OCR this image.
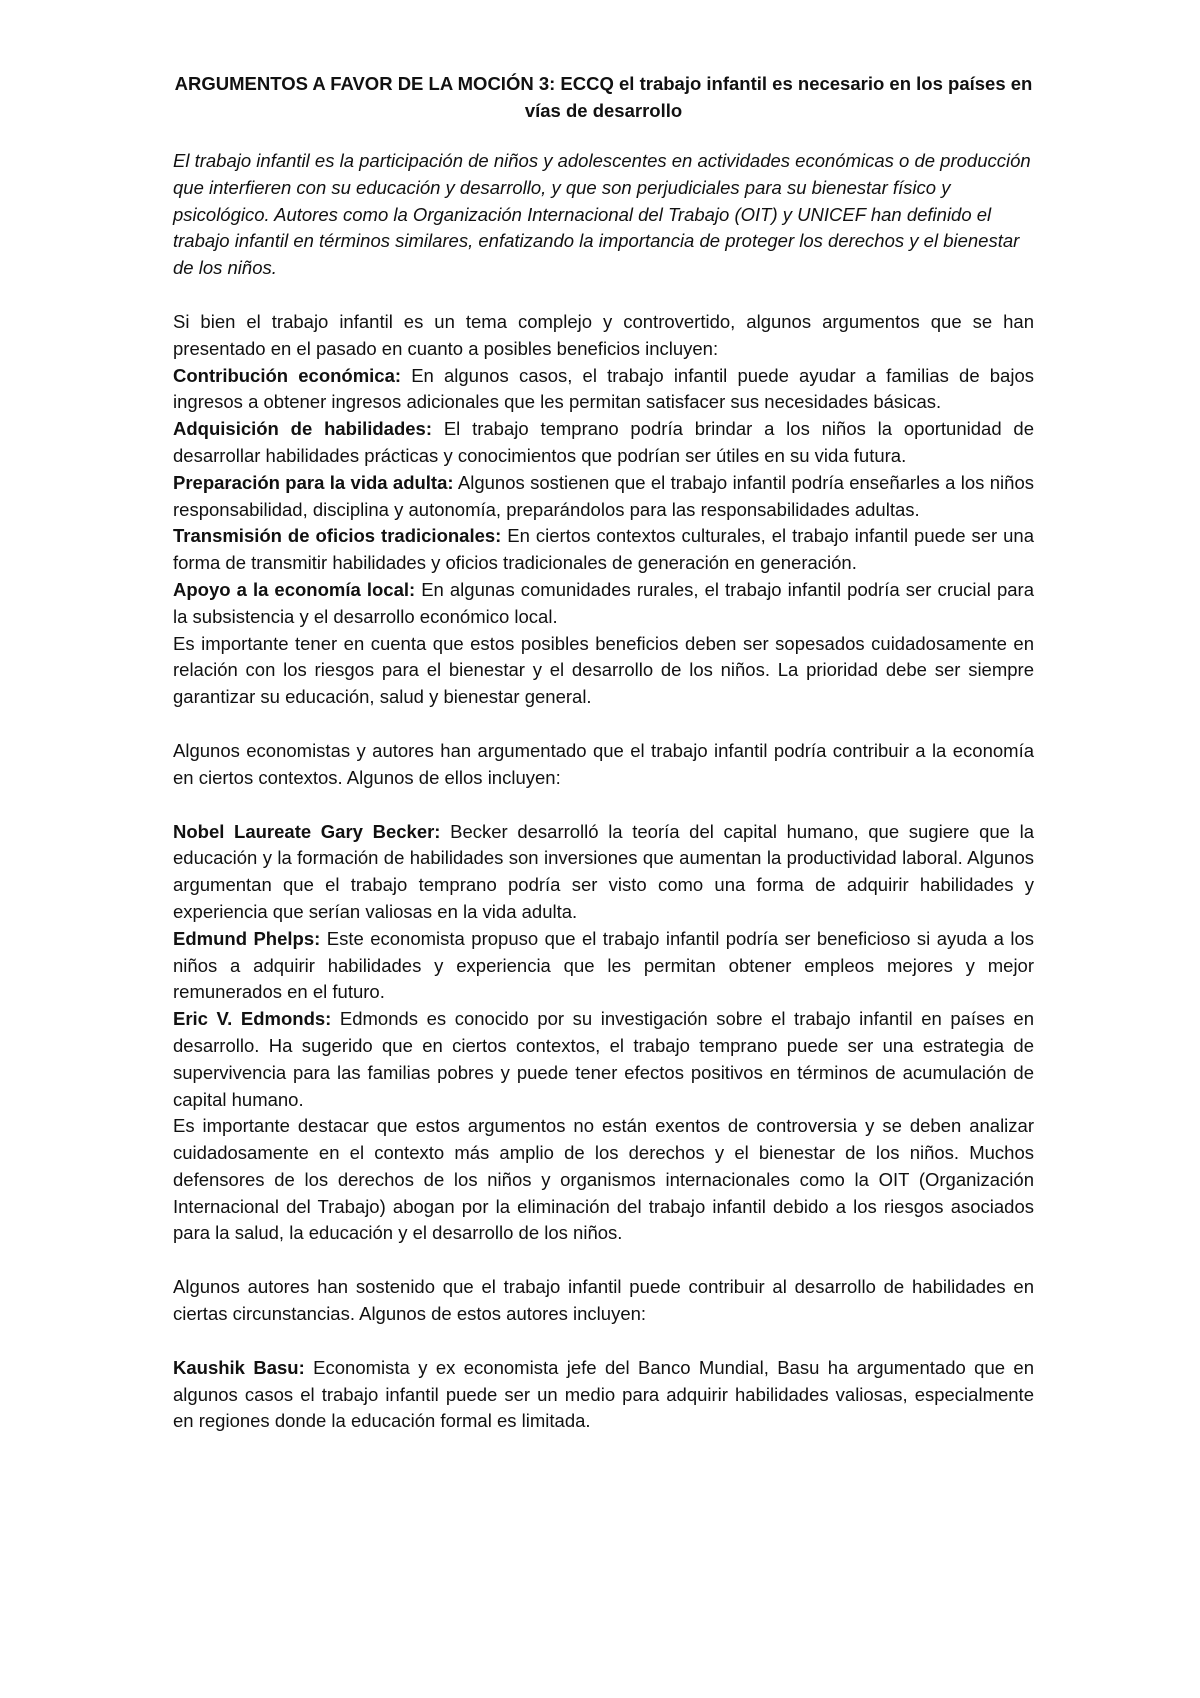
ARGUMENTOS A FAVOR DE LA MOCIÓN 3: ECCQ el trabajo infantil es necesario en los países en vías de desarrollo

El trabajo infantil es la participación de niños y adolescentes en actividades económicas o de producción que interfieren con su educación y desarrollo, y que son perjudiciales para su bienestar físico y psicológico. Autores como la Organización Internacional del Trabajo (OIT) y UNICEF han definido el trabajo infantil en términos similares, enfatizando la importancia de proteger los derechos y el bienestar de los niños.

Si bien el trabajo infantil es un tema complejo y controvertido, algunos argumentos que se han presentado en el pasado en cuanto a posibles beneficios incluyen:

Contribución económica: En algunos casos, el trabajo infantil puede ayudar a familias de bajos ingresos a obtener ingresos adicionales que les permitan satisfacer sus necesidades básicas.

Adquisición de habilidades: El trabajo temprano podría brindar a los niños la oportunidad de desarrollar habilidades prácticas y conocimientos que podrían ser útiles en su vida futura.

Preparación para la vida adulta: Algunos sostienen que el trabajo infantil podría enseñarles a los niños responsabilidad, disciplina y autonomía, preparándolos para las responsabilidades adultas.

Transmisión de oficios tradicionales: En ciertos contextos culturales, el trabajo infantil puede ser una forma de transmitir habilidades y oficios tradicionales de generación en generación.

Apoyo a la economía local: En algunas comunidades rurales, el trabajo infantil podría ser crucial para la subsistencia y el desarrollo económico local.

Es importante tener en cuenta que estos posibles beneficios deben ser sopesados cuidadosamente en relación con los riesgos para el bienestar y el desarrollo de los niños. La prioridad debe ser siempre garantizar su educación, salud y bienestar general.

Algunos economistas y autores han argumentado que el trabajo infantil podría contribuir a la economía en ciertos contextos. Algunos de ellos incluyen:

Nobel Laureate Gary Becker: Becker desarrolló la teoría del capital humano, que sugiere que la educación y la formación de habilidades son inversiones que aumentan la productividad laboral. Algunos argumentan que el trabajo temprano podría ser visto como una forma de adquirir habilidades y experiencia que serían valiosas en la vida adulta.

Edmund Phelps: Este economista propuso que el trabajo infantil podría ser beneficioso si ayuda a los niños a adquirir habilidades y experiencia que les permitan obtener empleos mejores y mejor remunerados en el futuro.

Eric V. Edmonds: Edmonds es conocido por su investigación sobre el trabajo infantil en países en desarrollo. Ha sugerido que en ciertos contextos, el trabajo temprano puede ser una estrategia de supervivencia para las familias pobres y puede tener efectos positivos en términos de acumulación de capital humano.

Es importante destacar que estos argumentos no están exentos de controversia y se deben analizar cuidadosamente en el contexto más amplio de los derechos y el bienestar de los niños. Muchos defensores de los derechos de los niños y organismos internacionales como la OIT (Organización Internacional del Trabajo) abogan por la eliminación del trabajo infantil debido a los riesgos asociados para la salud, la educación y el desarrollo de los niños.

Algunos autores han sostenido que el trabajo infantil puede contribuir al desarrollo de habilidades en ciertas circunstancias. Algunos de estos autores incluyen:

Kaushik Basu: Economista y ex economista jefe del Banco Mundial, Basu ha argumentado que en algunos casos el trabajo infantil puede ser un medio para adquirir habilidades valiosas, especialmente en regiones donde la educación formal es limitada.
